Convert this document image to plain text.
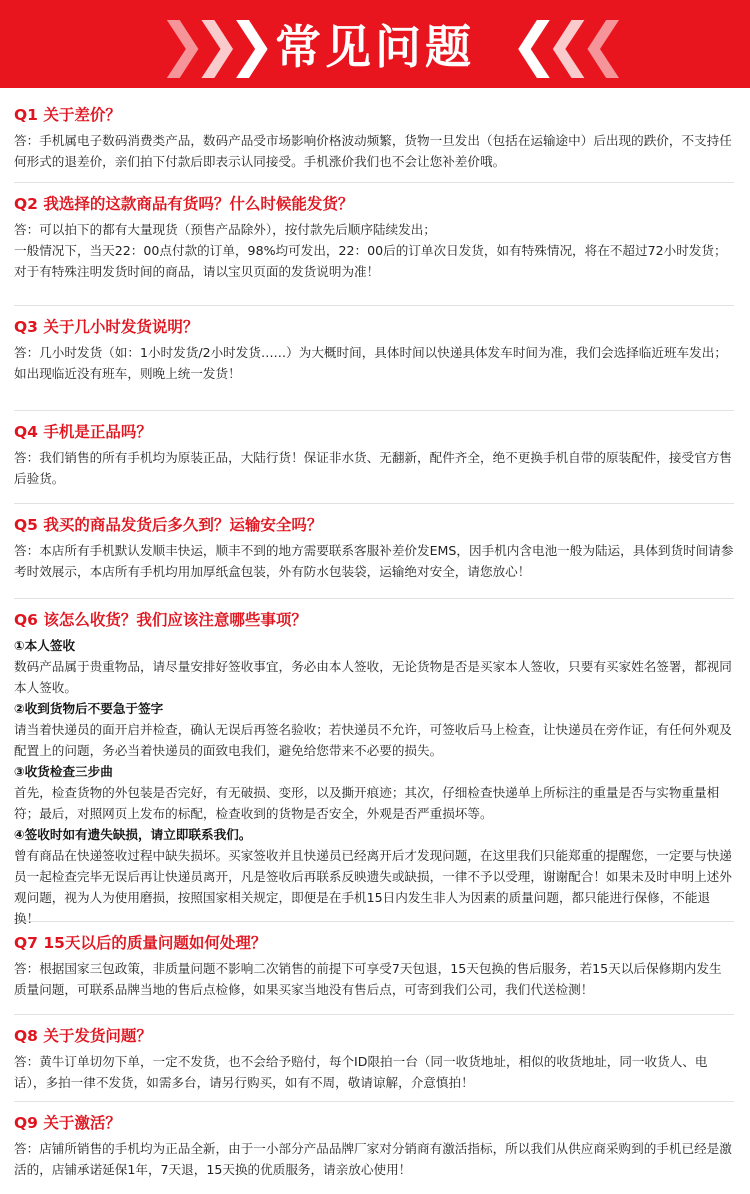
❯ ❯ ❯ 常见问题 ❮ ❮ ❮

Q1 关于差价？

答：手机属电子数码消费类产品，数码产品受市场影响价格波动频繁，货物一旦发出（包括在运输途中）后出现的跌价，不支持任何形式的退差价，亲们拍下付款后即表示认同接受。手机涨价我们也不会让您补差价哦。

Q2 我选择的这款商品有货吗？什么时候能发货？

答：可以拍下的都有大量现货（预售产品除外），按付款先后顺序陆续发出；

一般情况下，当天22：00点付款的订单，98%均可发出，22：00后的订单次日发货，如有特殊情况，将在不超过72小时发货；对于有特殊注明发货时间的商品，请以宝贝页面的发货说明为准！

Q3 关于几小时发货说明？

答：几小时发货（如：1小时发货/2小时发货……）为大概时间，具体时间以快递具体发车时间为准，我们会选择临近班车发出；如出现临近没有班车，则晚上统一发货！

Q4 手机是正品吗？

答：我们销售的所有手机均为原装正品，大陆行货！保证非水货、无翻新，配件齐全，绝不更换手机自带的原装配件，接受官方售后验货。

Q5 我买的商品发货后多久到？运输安全吗？

答：本店所有手机默认发顺丰快运，顺丰不到的地方需要联系客服补差价发EMS，因手机内含电池一般为陆运，具体到货时间请参考时效展示，本店所有手机均用加厚纸盒包装，外有防水包装袋，运输绝对安全，请您放心！

Q6 该怎么收货？我们应该注意哪些事项？

①本人签收

数码产品属于贵重物品，请尽量安排好签收事宜，务必由本人签收，无论货物是否是买家本人签收，只要有买家姓名签署，都视同本人签收。

②收到货物后不要急于签字

请当着快递员的面开启并检查，确认无误后再签名验收；若快递员不允许，可签收后马上检查，让快递员在旁作证，有任何外观及配置上的问题，务必当着快递员的面致电我们，避免给您带来不必要的损失。

③收货检查三步曲

首先，检查货物的外包装是否完好，有无破损、变形，以及撕开痕迹；其次，仔细检查快递单上所标注的重量是否与实物重量相符；最后，对照网页上发布的标配，检查收到的货物是否安全，外观是否严重损坏等。

④签收时如有遗失缺损，请立即联系我们。

曾有商品在快递签收过程中缺失损坏。买家签收并且快递员已经离开后才发现问题，在这里我们只能郑重的提醒您，一定要与快递员一起检查完毕无误后再让快递员离开，凡是签收后再联系反映遗失或缺损，一律不予以受理，谢谢配合！如果未及时申明上述外观问题，视为人为使用磨损，按照国家相关规定，即便是在手机15日内发生非人为因素的质量问题，都只能进行保修，不能退换！

Q7 15天以后的质量问题如何处理？

答：根据国家三包政策，非质量问题不影响二次销售的前提下可享受7天包退，15天包换的售后服务，若15天以后保修期内发生质量问题，可联系品牌当地的售后点检修，如果买家当地没有售后点，可寄到我们公司，我们代送检测！

Q8 关于发货问题？

答：黄牛订单切勿下单，一定不发货，也不会给予赔付，每个ID限拍一台（同一收货地址，相似的收货地址，同一收货人、电话），多拍一律不发货，如需多台，请另行购买，如有不周，敬请谅解，介意慎拍！

Q9 关于激活？

答：店铺所销售的手机均为正品全新，由于一小部分产品品牌厂家对分销商有激活指标，所以我们从供应商采购到的手机已经是激活的，店铺承诺延保1年，7天退，15天换的优质服务，请亲放心使用！
